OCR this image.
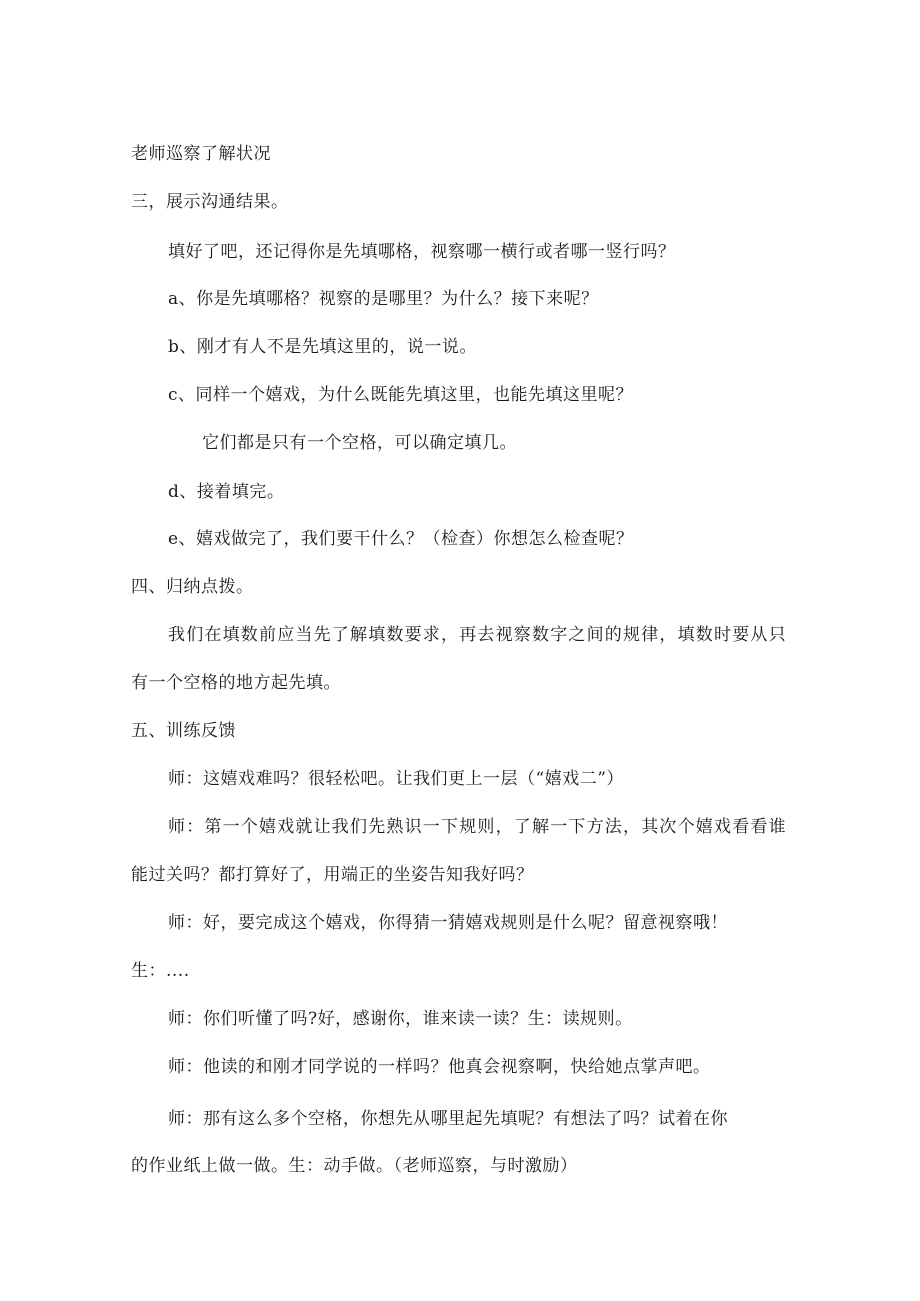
老师巡察了解状况

三，展示沟通结果。

填好了吧，还记得你是先填哪格，视察哪一横行或者哪一竖行吗？

a、你是先填哪格？视察的是哪里？为什么？接下来呢？

b、刚才有人不是先填这里的，说一说。

c、同样一个嬉戏，为什么既能先填这里，也能先填这里呢？

它们都是只有一个空格，可以确定填几。

d、接着填完。

e、嬉戏做完了，我们要干什么？（检查）你想怎么检查呢？

四、归纳点拨。

我们在填数前应当先了解填数要求，再去视察数字之间的规律，填数时要从只

有一个空格的地方起先填。

五、训练反馈

师：这嬉戏难吗？很轻松吧。让我们更上一层（“嬉戏二”）

师：第一个嬉戏就让我们先熟识一下规则，了解一下方法，其次个嬉戏看看谁

能过关吗？都打算好了，用端正的坐姿告知我好吗？

师：好，要完成这个嬉戏，你得猜一猜嬉戏规则是什么呢？留意视察哦！

生：....

师：你们听懂了吗?好，感谢你，谁来读一读？生：读规则。

师：他读的和刚才同学说的一样吗？他真会视察啊，快给她点掌声吧。

师：那有这么多个空格，你想先从哪里起先填呢？有想法了吗？试着在你

的作业纸上做一做。生：动手做。（老师巡察，与时激励）
